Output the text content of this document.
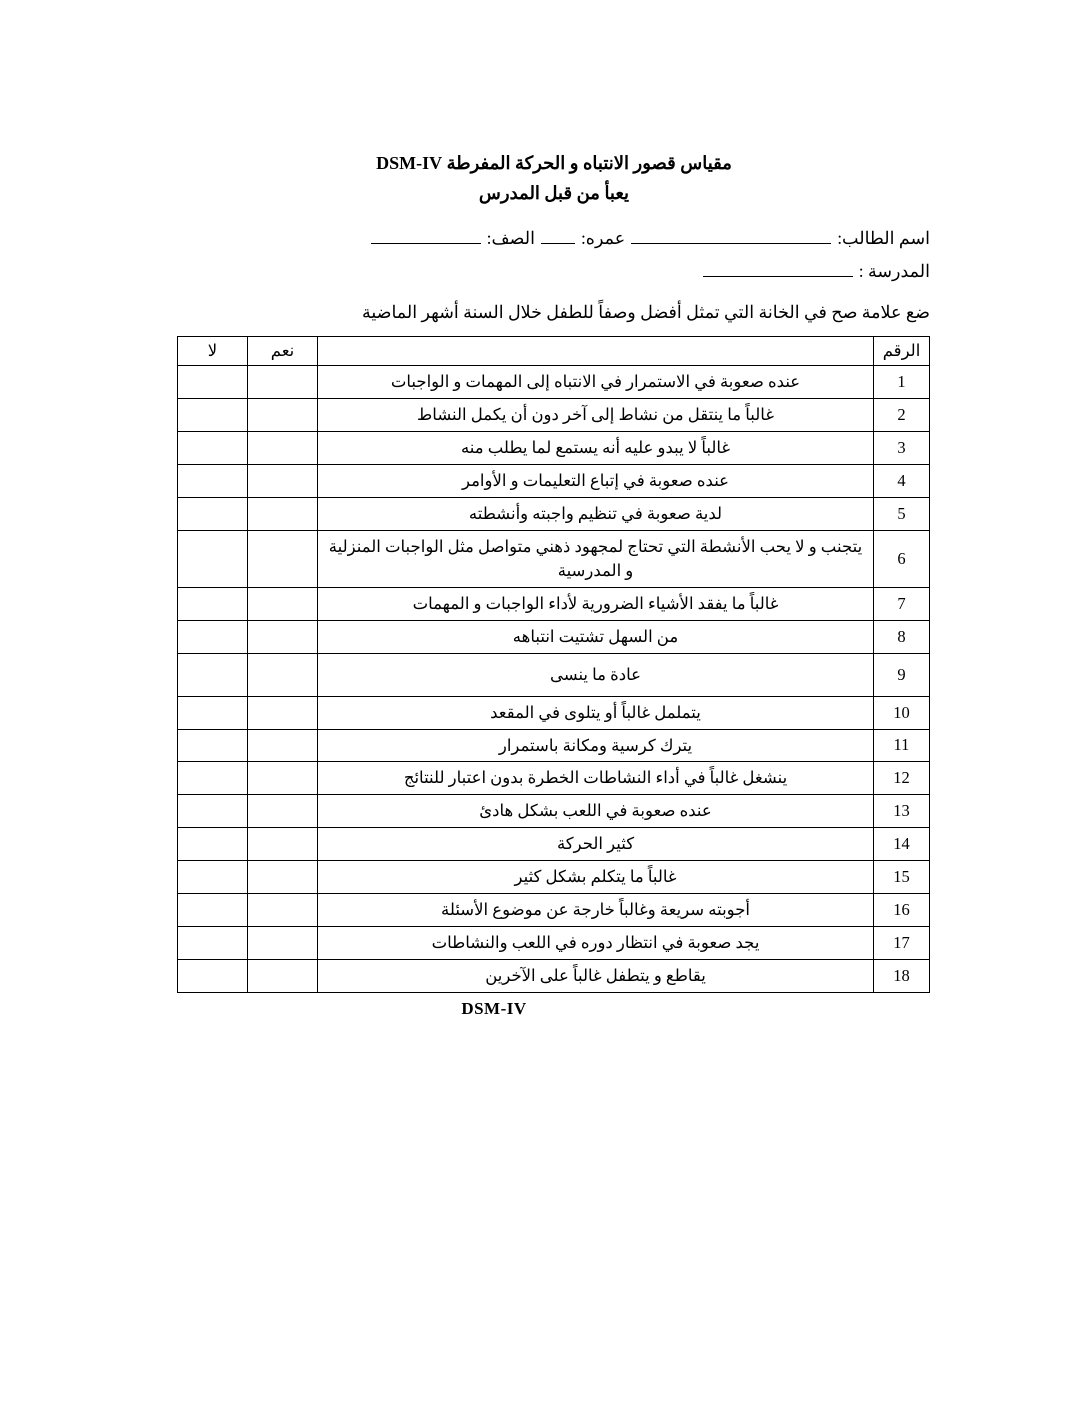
مقياس قصور الانتباه و الحركة المفرطة DSM-IV
يعبأ من قبل المدرس
اسم الطالب:
عمره:
الصف:
المدرسة :
ضع علامة صح في الخانة التي تمثل أفضل وصفاً للطفل خلال السنة أشهر الماضية
الرقم		نعم	لا
1	عنده صعوبة في الاستمرار في الانتباه إلى المهمات و الواجبات		
2	غالباً ما ينتقل من نشاط إلى آخر دون أن يكمل النشاط		
3	غالباً لا يبدو عليه أنه يستمع لما يطلب منه		
4	عنده صعوبة في إتباع التعليمات و الأوامر		
5	لدية صعوبة في تنظيم واجبته وأنشطته		
6	يتجنب و لا يحب الأنشطة التي تحتاج لمجهود ذهني متواصل مثل الواجبات المنزلية و المدرسية		
7	غالباً ما يفقد الأشياء الضرورية لأداء الواجبات و المهمات		
8	من السهل تشتيت انتباهه		
9	عادة ما ينسى		
10	يتململ غالباً أو يتلوى في المقعد		
11	يترك كرسية ومكانة باستمرار		
12	ينشغل غالباً في أداء النشاطات الخطرة بدون اعتبار للنتائج		
13	عنده صعوبة في اللعب بشكل هادئ		
14	كثير الحركة		
15	غالباً ما يتكلم بشكل كثير		
16	أجوبته سريعة وغالباً خارجة عن موضوع الأسئلة		
17	يجد صعوبة في انتظار دوره في اللعب والنشاطات		
18	يقاطع و يتطفل غالباً على الآخرين		
DSM-IV
